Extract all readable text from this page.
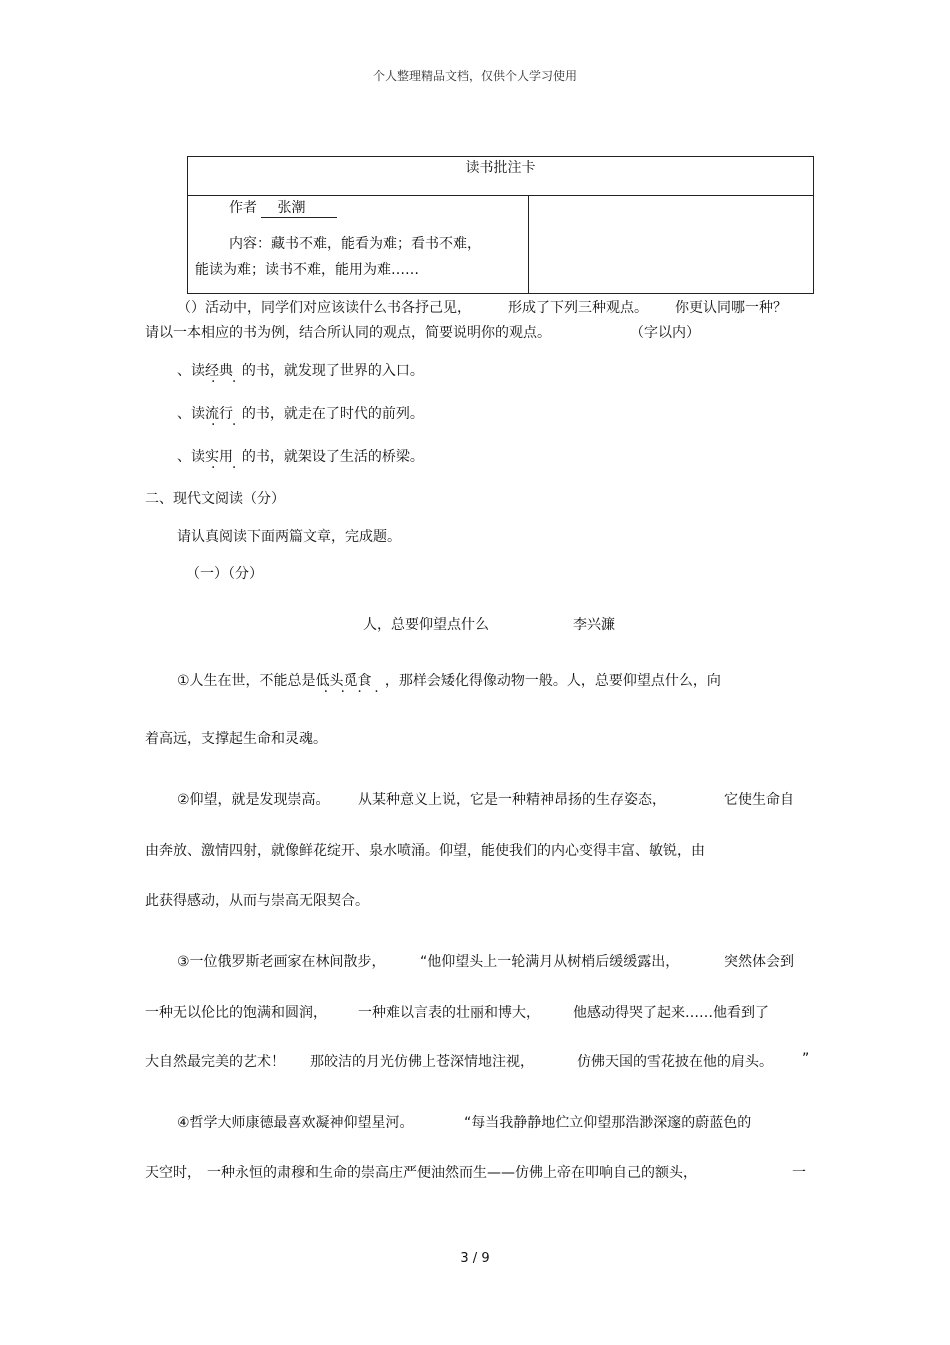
个人整理精品文档，仅供个人学习使用
读书批注卡
作者 张潮
内容：藏书不难，能看为难；看书不难，
能读为难；读书不难，能用为难……
（）活动中，同学们对应该读什么书各抒己见，	形成了下列三种观点。 你更认同哪一种？
请以一本相应的书为例，结合所认同的观点，简要说明你的观点。	（字以内）
、读经典 · · 的书，就发现了世界的入口。
、读流行 · · 的书，就走在了时代的前列。
、读实用 · · 的书，就架设了生活的桥梁。
二、现代文阅读（分）
请认真阅读下面两篇文章，完成题。
（一）（分）
人，总要仰望点什么	李兴濂
①人生在世，不能总是低头觅食 · · · · ，那样会矮化得像动物一般。人，总要仰望点什么，向
着高远，支撑起生命和灵魂。
②仰望，就是发现崇高。 从某种意义上说，它是一种精神昂扬的生存姿态，	它使生命自
由奔放、激情四射，就像鲜花绽开、泉水喷涌。仰望，能使我们的内心变得丰富、敏锐，由
此获得感动，从而与崇高无限契合。
③一位俄罗斯老画家在林间散步， “他仰望头上一轮满月从树梢后缓缓露出，	突然体会到
一种无以伦比的饱满和圆润， 一种难以言表的壮丽和博大， 他感动得哭了起来……他看到了
大自然最完美的艺术！ 那皎洁的月光仿佛上苍深情地注视，	仿佛天国的雪花披在他的肩头。 ”
④哲学大师康德最喜欢凝神仰望星河。	“每当我静静地伫立仰望那浩渺深邃的蔚蓝色的
天空时， 一种永恒的肃穆和生命的崇高庄严便油然而生——仿佛上帝在叩响自己的额头，	一
3 / 9
